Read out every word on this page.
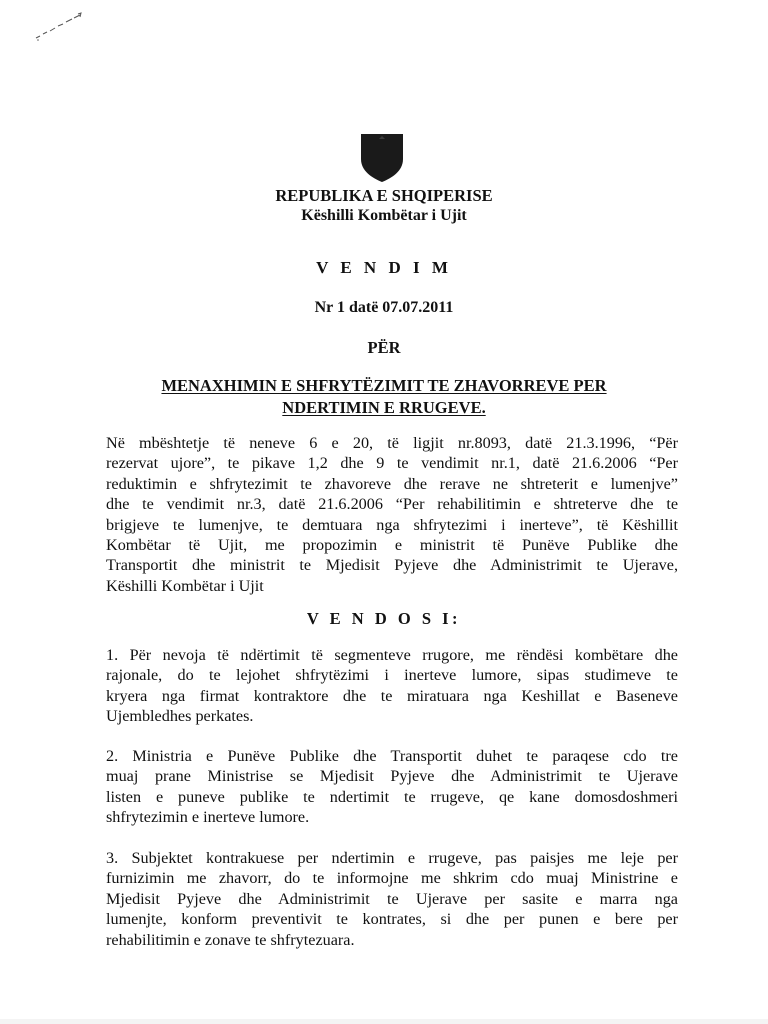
REPUBLIKA E SHQIPERISE
Këshilli Kombëtar i Ujit
V E N D I M
Nr 1 datë 07.07.2011
PËR
MENAXHIMIN E SHFRYTËZIMIT TE ZHAVORREVE PER
NDERTIMIN E RRUGEVE.
Në mbështetje të neneve 6 e 20, të ligjit nr.8093, datë 21.3.1996, “Për
rezervat ujore”, te pikave 1,2 dhe 9 te vendimit nr.1, datë 21.6.2006 “Per
reduktimin e shfrytezimit te zhavoreve dhe rerave ne shtreterit e lumenjve”
dhe te vendimit nr.3, datë 21.6.2006 “Per rehabilitimin e shtreterve dhe te
brigjeve te lumenjve, te demtuara nga shfrytezimi i inerteve”, të Këshillit
Kombëtar të Ujit, me propozimin e ministrit të Punëve Publike dhe
Transportit dhe ministrit te Mjedisit Pyjeve dhe Administrimit te Ujerave,
Këshilli Kombëtar i Ujit
V E N D O S I:
1. Për nevoja të ndërtimit të segmenteve rrugore, me rëndësi kombëtare dhe
rajonale, do te lejohet shfrytëzimi i inerteve lumore, sipas studimeve te
kryera nga firmat kontraktore dhe te miratuara nga Keshillat e Baseneve
Ujembledhes perkates.
2. Ministria e Punëve Publike dhe Transportit duhet te paraqese cdo tre
muaj prane Ministrise se Mjedisit Pyjeve dhe Administrimit te Ujerave
listen e puneve publike te ndertimit te rrugeve, qe kane domosdoshmeri
shfrytezimin e inerteve lumore.
3. Subjektet kontrakuese per ndertimin e rrugeve, pas paisjes me leje per
furnizimin me zhavorr, do te informojne me shkrim cdo muaj Ministrine e
Mjedisit Pyjeve dhe Administrimit te Ujerave per sasite e marra nga
lumenjte, konform preventivit te kontrates, si dhe per punen e bere per
rehabilitimin e zonave te shfrytezuara.
